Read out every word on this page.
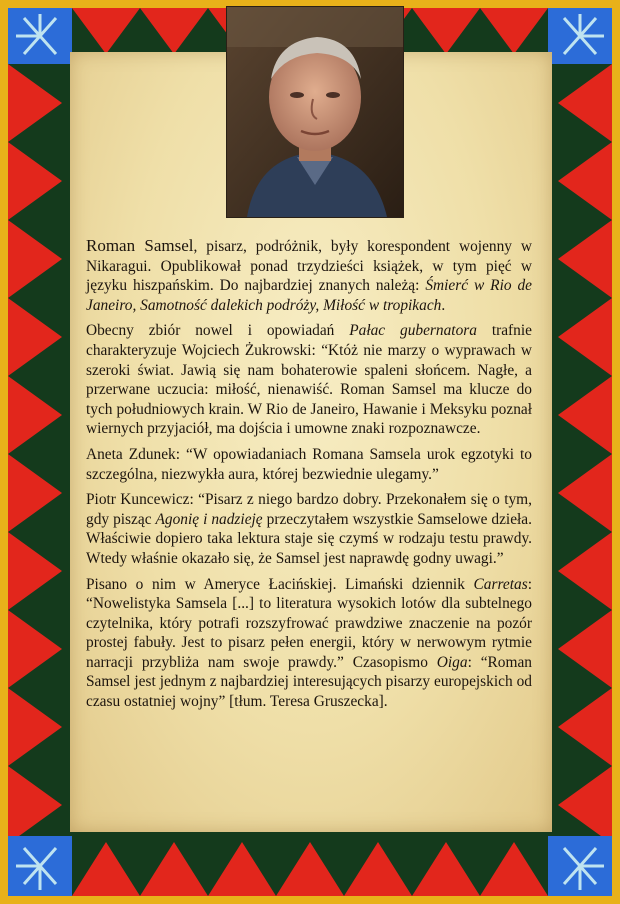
Roman Samsel, pisarz, podróżnik, były korespondent wojenny w Nikaragui. Opublikował ponad trzydzieści książek, w tym pięć w języku hiszpańskim. Do najbardziej znanych należą: Śmierć w Rio de Janeiro, Samotność dalekich podróży, Miłość w tropikach.

Obecny zbiór nowel i opowiadań Pałac gubernatora trafnie charakteryzuje Wojciech Żukrowski: “Któż nie marzy o wyprawach w szeroki świat. Jawią się nam bohaterowie spaleni słońcem. Nagłe, a przerwane uczucia: miłość, nienawiść. Roman Samsel ma klucze do tych południowych krain. W Rio de Janeiro, Hawanie i Meksyku poznał wiernych przyjaciół, ma dojścia i umowne znaki rozpoznawcze.

Aneta Zdunek: “W opowiadaniach Romana Samsela urok egzotyki to szczególna, niezwykła aura, której bezwiednie ulegamy.”

Piotr Kuncewicz: “Pisarz z niego bardzo dobry. Przekonałem się o tym, gdy pisząc Agonię i nadzieję przeczytałem wszystkie Samselowe dzieła. Właściwie dopiero taka lektura staje się czymś w rodzaju testu prawdy. Wtedy właśnie okazało się, że Samsel jest naprawdę godny uwagi.”

Pisano o nim w Ameryce Łacińskiej. Limański dziennik Carretas: “Nowelistyka Samsela [...] to literatura wysokich lotów dla subtelnego czytelnika, który potrafi rozszyfrować prawdziwe znaczenie na pozór prostej fabuły. Jest to pisarz pełen energii, który w nerwowym rytmie narracji przybliża nam swoje prawdy.” Czasopismo Oiga: “Roman Samsel jest jednym z najbardziej interesujących pisarzy europejskich od czasu ostatniej wojny” [tłum. Teresa Gruszecka].
